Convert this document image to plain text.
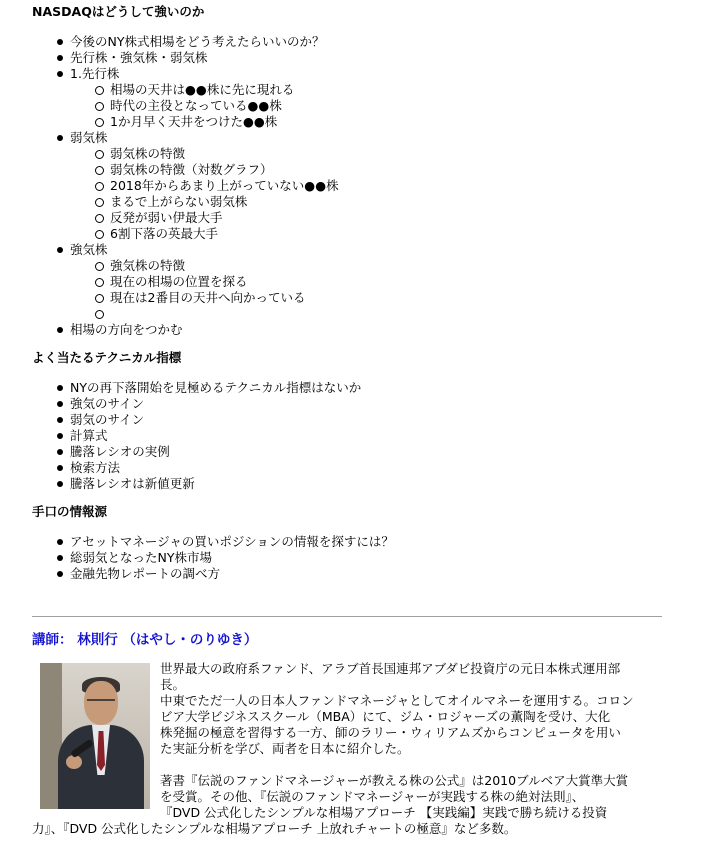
NASDAQはどうして強いのか
今後のNY株式相場をどう考えたらいいのか？
先行株・強気株・弱気株
1.先行株
相場の天井は●●株に先に現れる
時代の主役となっている●●株
1か月早く天井をつけた●●株
弱気株
弱気株の特徴
弱気株の特徴（対数グラフ）
2018年からあまり上がっていない●●株
まるで上がらない弱気株
反発が弱い伊最大手
6割下落の英最大手
強気株
強気株の特徴
現在の相場の位置を探る
現在は2番目の天井へ向かっている
相場の方向をつかむ
よく当たるテクニカル指標
NYの再下落開始を見極めるテクニカル指標はないか
強気のサイン
弱気のサイン
計算式
騰落レシオの実例
検索方法
騰落レシオは新値更新
手口の情報源
アセットマネージャの買いポジションの情報を探すには？
総弱気となったNY株市場
金融先物レポートの調べ方
講師： 林則行 （はやし・のりゆき）

世界最大の政府系ファンド、アラブ首長国連邦アブダビ投資庁の元日本株式運用部
長。
中東でただ一人の日本人ファンドマネージャとしてオイルマネーを運用する。コロン
ビア大学ビジネススクール（MBA）にて、ジム・ロジャーズの薫陶を受け、大化
株発掘の極意を習得する一方、師のラリー・ウィリアムズからコンピュータを用い
た実証分析を学び、両者を日本に紹介した。

著書『伝説のファンドマネージャーが教える株の公式』は2010ブルベア大賞準大賞
を受賞。その他、『伝説のファンドマネージャーが実践する株の絶対法則』、
『DVD 公式化したシンプルな相場アプローチ 【実践編】実践で勝ち続ける投資
力』、『DVD 公式化したシンプルな相場アプローチ 上放れチャートの極意』など多数。
